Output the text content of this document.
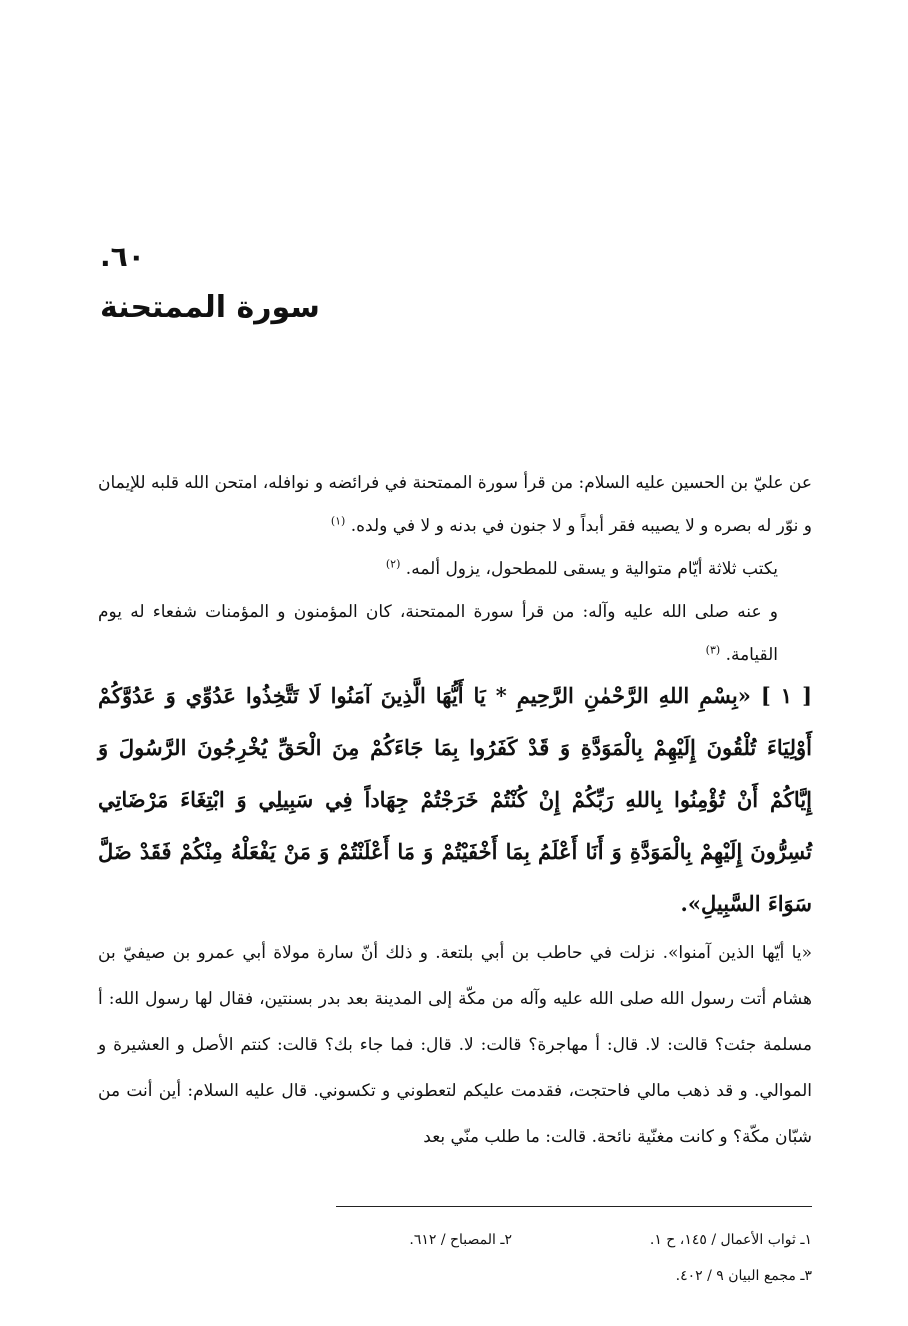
٦٠.
سورة الممتحنة

عن عليّ بن الحسين عليه السلام: من قرأ سورة الممتحنة في فرائضه و نوافله، امتحن الله قلبه للإيمان و نوّر له بصره و لا يصيبه فقر أبداً و لا جنون في بدنه و لا في ولده. $^{(١)}$

يكتب ثلاثة أيّام متوالية و يسقى للمطحول، يزول ألمه. $^{(٢)}$

و عنه صلى الله عليه وآله: من قرأ سورة الممتحنة، كان المؤمنون و المؤمنات شفعاء له يوم القيامة. $^{(٣)}$

[ ١ ] «بِسْمِ اللهِ الرَّحْمٰنِ الرَّحِيمِ * يَا أَيُّهَا الَّذِينَ آمَنُوا لَا تَتَّخِذُوا عَدُوِّي وَ عَدُوَّكُمْ أَوْلِيَاءَ تُلْقُونَ إِلَيْهِمْ بِالْمَوَدَّةِ وَ قَدْ كَفَرُوا بِمَا جَاءَكُمْ مِنَ الْحَقِّ يُخْرِجُونَ الرَّسُولَ وَ إِيَّاكُمْ أَنْ تُؤْمِنُوا بِاللهِ رَبِّكُمْ إِنْ كُنْتُمْ خَرَجْتُمْ جِهَاداً فِي سَبِيلِي وَ ابْتِغَاءَ مَرْضَاتِي تُسِرُّونَ إِلَيْهِمْ بِالْمَوَدَّةِ وَ أَنَا أَعْلَمُ بِمَا أَخْفَيْتُمْ وَ مَا أَعْلَنْتُمْ وَ مَنْ يَفْعَلْهُ مِنْكُمْ فَقَدْ ضَلَّ سَوَاءَ السَّبِيلِ».
«يا أيّها الذين آمنوا». نزلت في حاطب بن أبي بلتعة. و ذلك أنّ سارة مولاة أبي عمرو بن صيفيّ بن هشام أتت رسول الله صلى الله عليه وآله من مكّة إلى المدينة بعد بدر بسنتين، فقال لها رسول الله: أ مسلمة جئت؟ قالت: لا. قال: أ مهاجرة؟ قالت: لا. قال: فما جاء بك؟ قالت: كنتم الأصل و العشيرة و الموالي. و قد ذهب مالي فاحتجت، فقدمت عليكم لتعطوني و تكسوني. قال عليه السلام: أين أنت من شبّان مكّة؟ و كانت مغنّية نائحة. قالت: ما طلب منّي بعد
١ـ ثواب الأعمال / ١٤٥، ح ١.
٢ـ المصباح / ٦١٢.
٣ـ مجمع البيان ٩ / ٤٠٢.
